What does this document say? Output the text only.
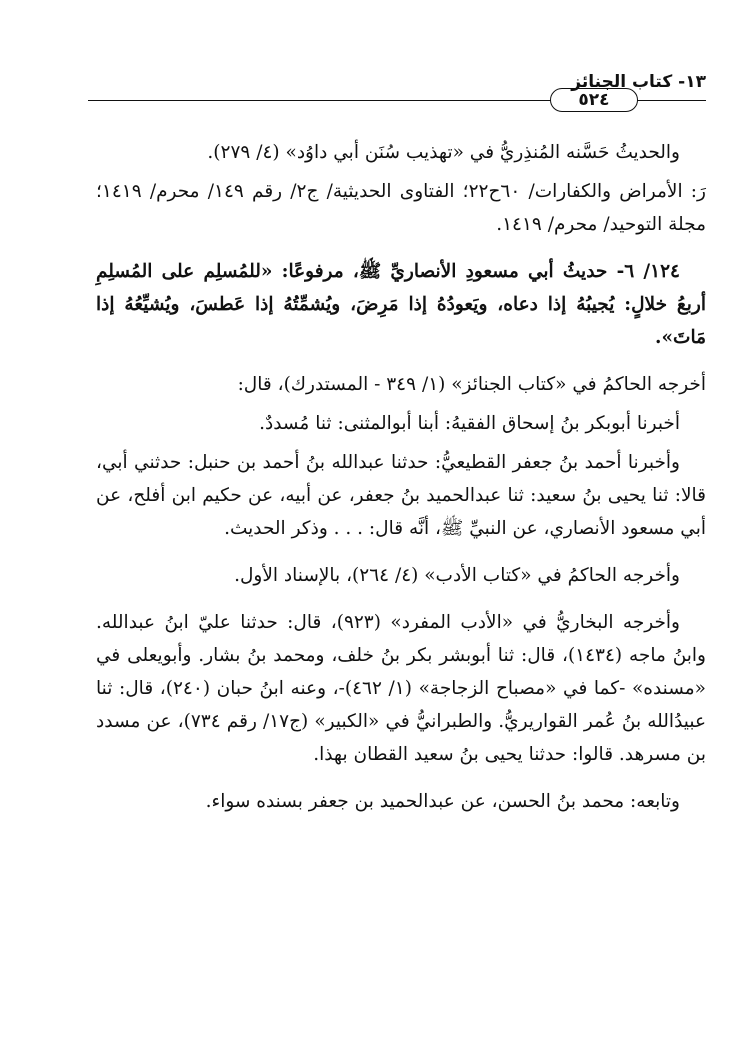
٥٢٤
١٣- كتاب الجنائز

والحديثُ حَسَّنه المُنذِريُّ في «تهذيب سُنَن أبي داوُد» (٤/ ٢٧٩).

رَ: الأمراض والكفارات/ ٦٠ح٢٢؛ الفتاوى الحديثية/ ج٢/ رقم ١٤٩/ محرم/ ١٤١٩؛ مجلة التوحيد/ محرم/ ١٤١٩.

١٢٤/ ٦- حديثُ أبي مسعودِ الأنصاريِّ ﷺ، مرفوعًا: «للمُسلِم على المُسلِمِ أربعُ خلالٍ: يُجيبُهُ إذا دعاه، ويَعودُهُ إذا مَرِضَ، ويُشمِّتُهُ إذا عَطسَ، ويُشيِّعُهُ إذا مَاتَ».

أخرجه الحاكمُ في «كتاب الجنائز» (١/ ٣٤٩ - المستدرك)، قال:

أخبرنا أبوبكر بنُ إسحاق الفقيهُ: أبنا أبوالمثنى: ثنا مُسددٌ.

وأخبرنا أحمد بنُ جعفر القطيعيُّ: حدثنا عبدالله بنُ أحمد بن حنبل: حدثني أبي، قالا: ثنا يحيى بنُ سعيد: ثنا عبدالحميد بنُ جعفر، عن أبيه، عن حكيم ابن أفلح، عن أبي مسعود الأنصاري، عن النبيِّ ﷺ، أنَّه قال: . . . وذكر الحديث.

وأخرجه الحاكمُ في «كتاب الأدب» (٤/ ٢٦٤)، بالإسناد الأول.

وأخرجه البخاريُّ في «الأدب المفرد» (٩٢٣)، قال: حدثنا عليّ ابنُ عبدالله. وابنُ ماجه (١٤٣٤)، قال: ثنا أبوبشر بكر بنُ خلف، ومحمد بنُ بشار. وأبويعلى في «مسنده» -كما في «مصباح الزجاجة» (١/ ٤٦٢)-، وعنه ابنُ حبان (٢٤٠)، قال: ثنا عبيدُالله بنُ عُمر القواريريُّ. والطبرانيُّ في «الكبير» (ج١٧/ رقم ٧٣٤)، عن مسدد بن مسرهد. قالوا: حدثنا يحيى بنُ سعيد القطان بهذا.

وتابعه: محمد بنُ الحسن، عن عبدالحميد بن جعفر بسنده سواء.
